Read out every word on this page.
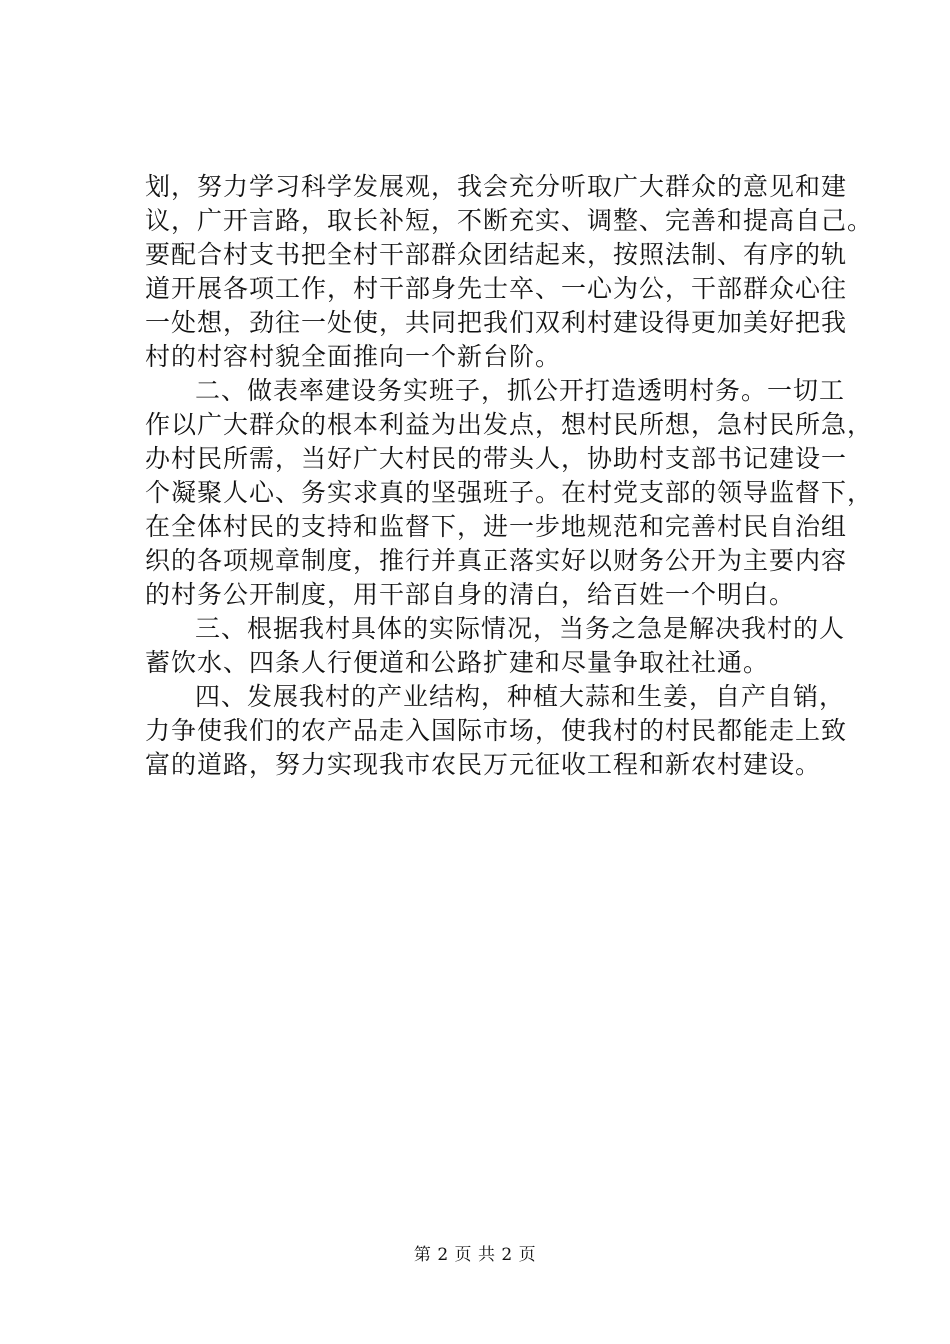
划，努力学习科学发展观，我会充分听取广大群众的意见和建
议，广开言路，取长补短，不断充实、调整、完善和提高自己。
要配合村支书把全村干部群众团结起来，按照法制、有序的轨
道开展各项工作，村干部身先士卒、一心为公，干部群众心往
一处想，劲往一处使，共同把我们双利村建设得更加美好把我
村的村容村貌全面推向一个新台阶。
二、做表率建设务实班子，抓公开打造透明村务。一切工
作以广大群众的根本利益为出发点，想村民所想，急村民所急，
办村民所需，当好广大村民的带头人，协助村支部书记建设一
个凝聚人心、务实求真的坚强班子。在村党支部的领导监督下，
在全体村民的支持和监督下，进一步地规范和完善村民自治组
织的各项规章制度，推行并真正落实好以财务公开为主要内容
的村务公开制度，用干部自身的清白，给百姓一个明白。
三、根据我村具体的实际情况，当务之急是解决我村的人
蓄饮水、四条人行便道和公路扩建和尽量争取社社通。
四、发展我村的产业结构，种植大蒜和生姜，自产自销，
力争使我们的农产品走入国际市场，使我村的村民都能走上致
富的道路，努力实现我市农民万元征收工程和新农村建设。
第 2 页 共 2 页
